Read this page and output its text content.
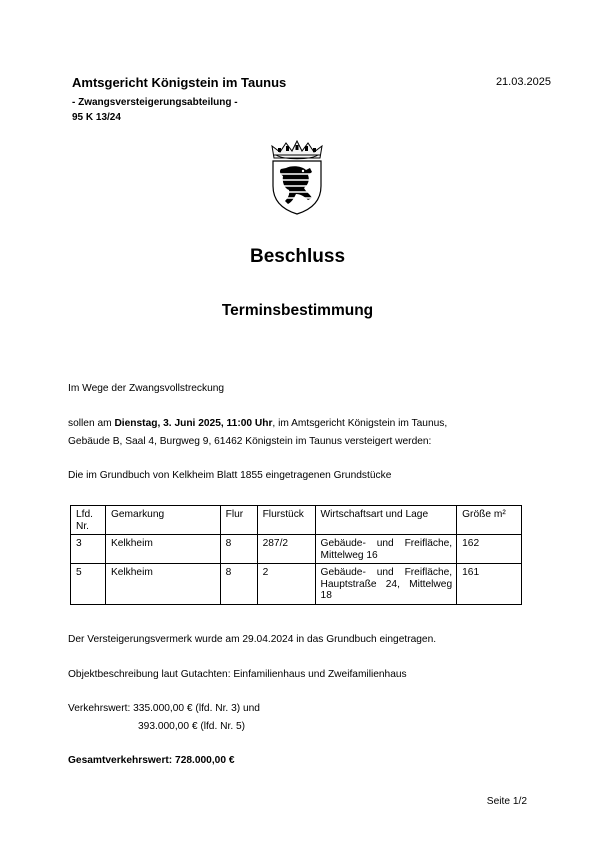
Amtsgericht Königstein im Taunus	21.03.2025
- Zwangsversteigerungsabteilung -
95 K 13/24
Beschluss
Terminsbestimmung
Im Wege der Zwangsvollstreckung
sollen am Dienstag, 3. Juni 2025, 11:00 Uhr, im Amtsgericht Königstein im Taunus,
Gebäude B, Saal 4, Burgweg 9, 61462 Königstein im Taunus versteigert werden:
Die im Grundbuch von Kelkheim Blatt 1855 eingetragenen Grundstücke
Lfd. Nr.	Gemarkung	Flur	Flurstück	Wirtschaftsart und Lage	Größe m²
3	Kelkheim	8	287/2	Gebäude- und Freifläche, Mittelweg 16	162
5	Kelkheim	8	2	Gebäude- und Freifläche, Hauptstraße 24, Mittelweg 18	161
Der Versteigerungsvermerk wurde am 29.04.2024 in das Grundbuch eingetragen.
Objektbeschreibung laut Gutachten: Einfamilienhaus und Zweifamilienhaus
Verkehrswert: 335.000,00 € (lfd. Nr. 3) und
393.000,00 € (lfd. Nr. 5)
Gesamtverkehrswert: 728.000,00 €
Seite 1/2
